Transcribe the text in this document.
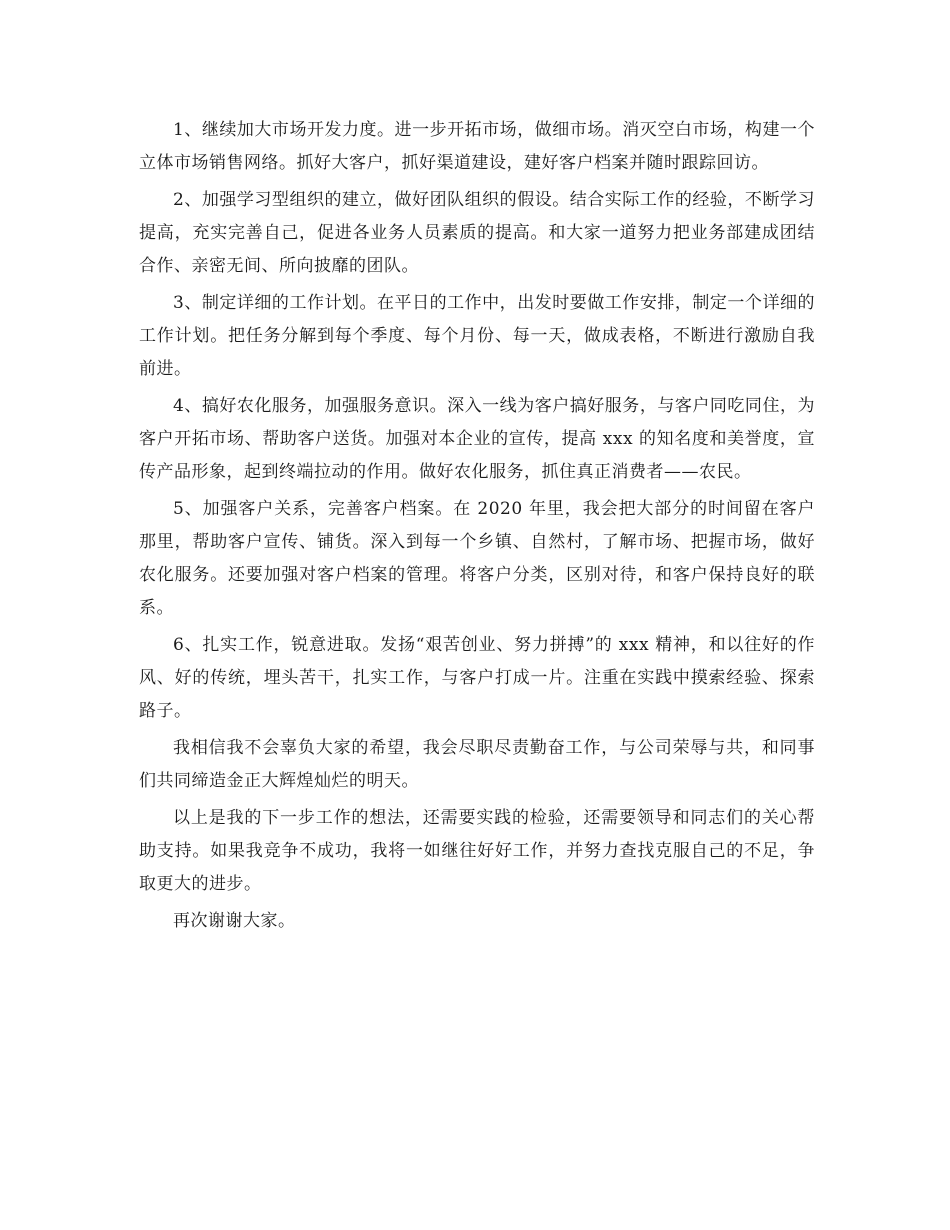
1、继续加大市场开发力度。进一步开拓市场，做细市场。消灭空白市场，构建一个立体市场销售网络。抓好大客户，抓好渠道建设，建好客户档案并随时跟踪回访。

2、加强学习型组织的建立，做好团队组织的假设。结合实际工作的经验，不断学习提高，充实完善自己，促进各业务人员素质的提高。和大家一道努力把业务部建成团结合作、亲密无间、所向披靡的团队。

3、制定详细的工作计划。在平日的工作中，出发时要做工作安排，制定一个详细的工作计划。把任务分解到每个季度、每个月份、每一天，做成表格，不断进行激励自我前进。

4、搞好农化服务，加强服务意识。深入一线为客户搞好服务，与客户同吃同住，为客户开拓市场、帮助客户送货。加强对本企业的宣传，提高 xxx 的知名度和美誉度，宣传产品形象，起到终端拉动的作用。做好农化服务，抓住真正消费者——农民。

5、加强客户关系，完善客户档案。在 2020 年里，我会把大部分的时间留在客户那里，帮助客户宣传、铺货。深入到每一个乡镇、自然村，了解市场、把握市场，做好农化服务。还要加强对客户档案的管理。将客户分类，区别对待，和客户保持良好的联系。

6、扎实工作，锐意进取。发扬“艰苦创业、努力拼搏”的 xxx 精神，和以往好的作风、好的传统，埋头苦干，扎实工作，与客户打成一片。注重在实践中摸索经验、探索路子。

我相信我不会辜负大家的希望，我会尽职尽责勤奋工作，与公司荣辱与共，和同事们共同缔造金正大辉煌灿烂的明天。

以上是我的下一步工作的想法，还需要实践的检验，还需要领导和同志们的关心帮助支持。如果我竞争不成功，我将一如继往好好工作，并努力查找克服自己的不足，争取更大的进步。

再次谢谢大家。
